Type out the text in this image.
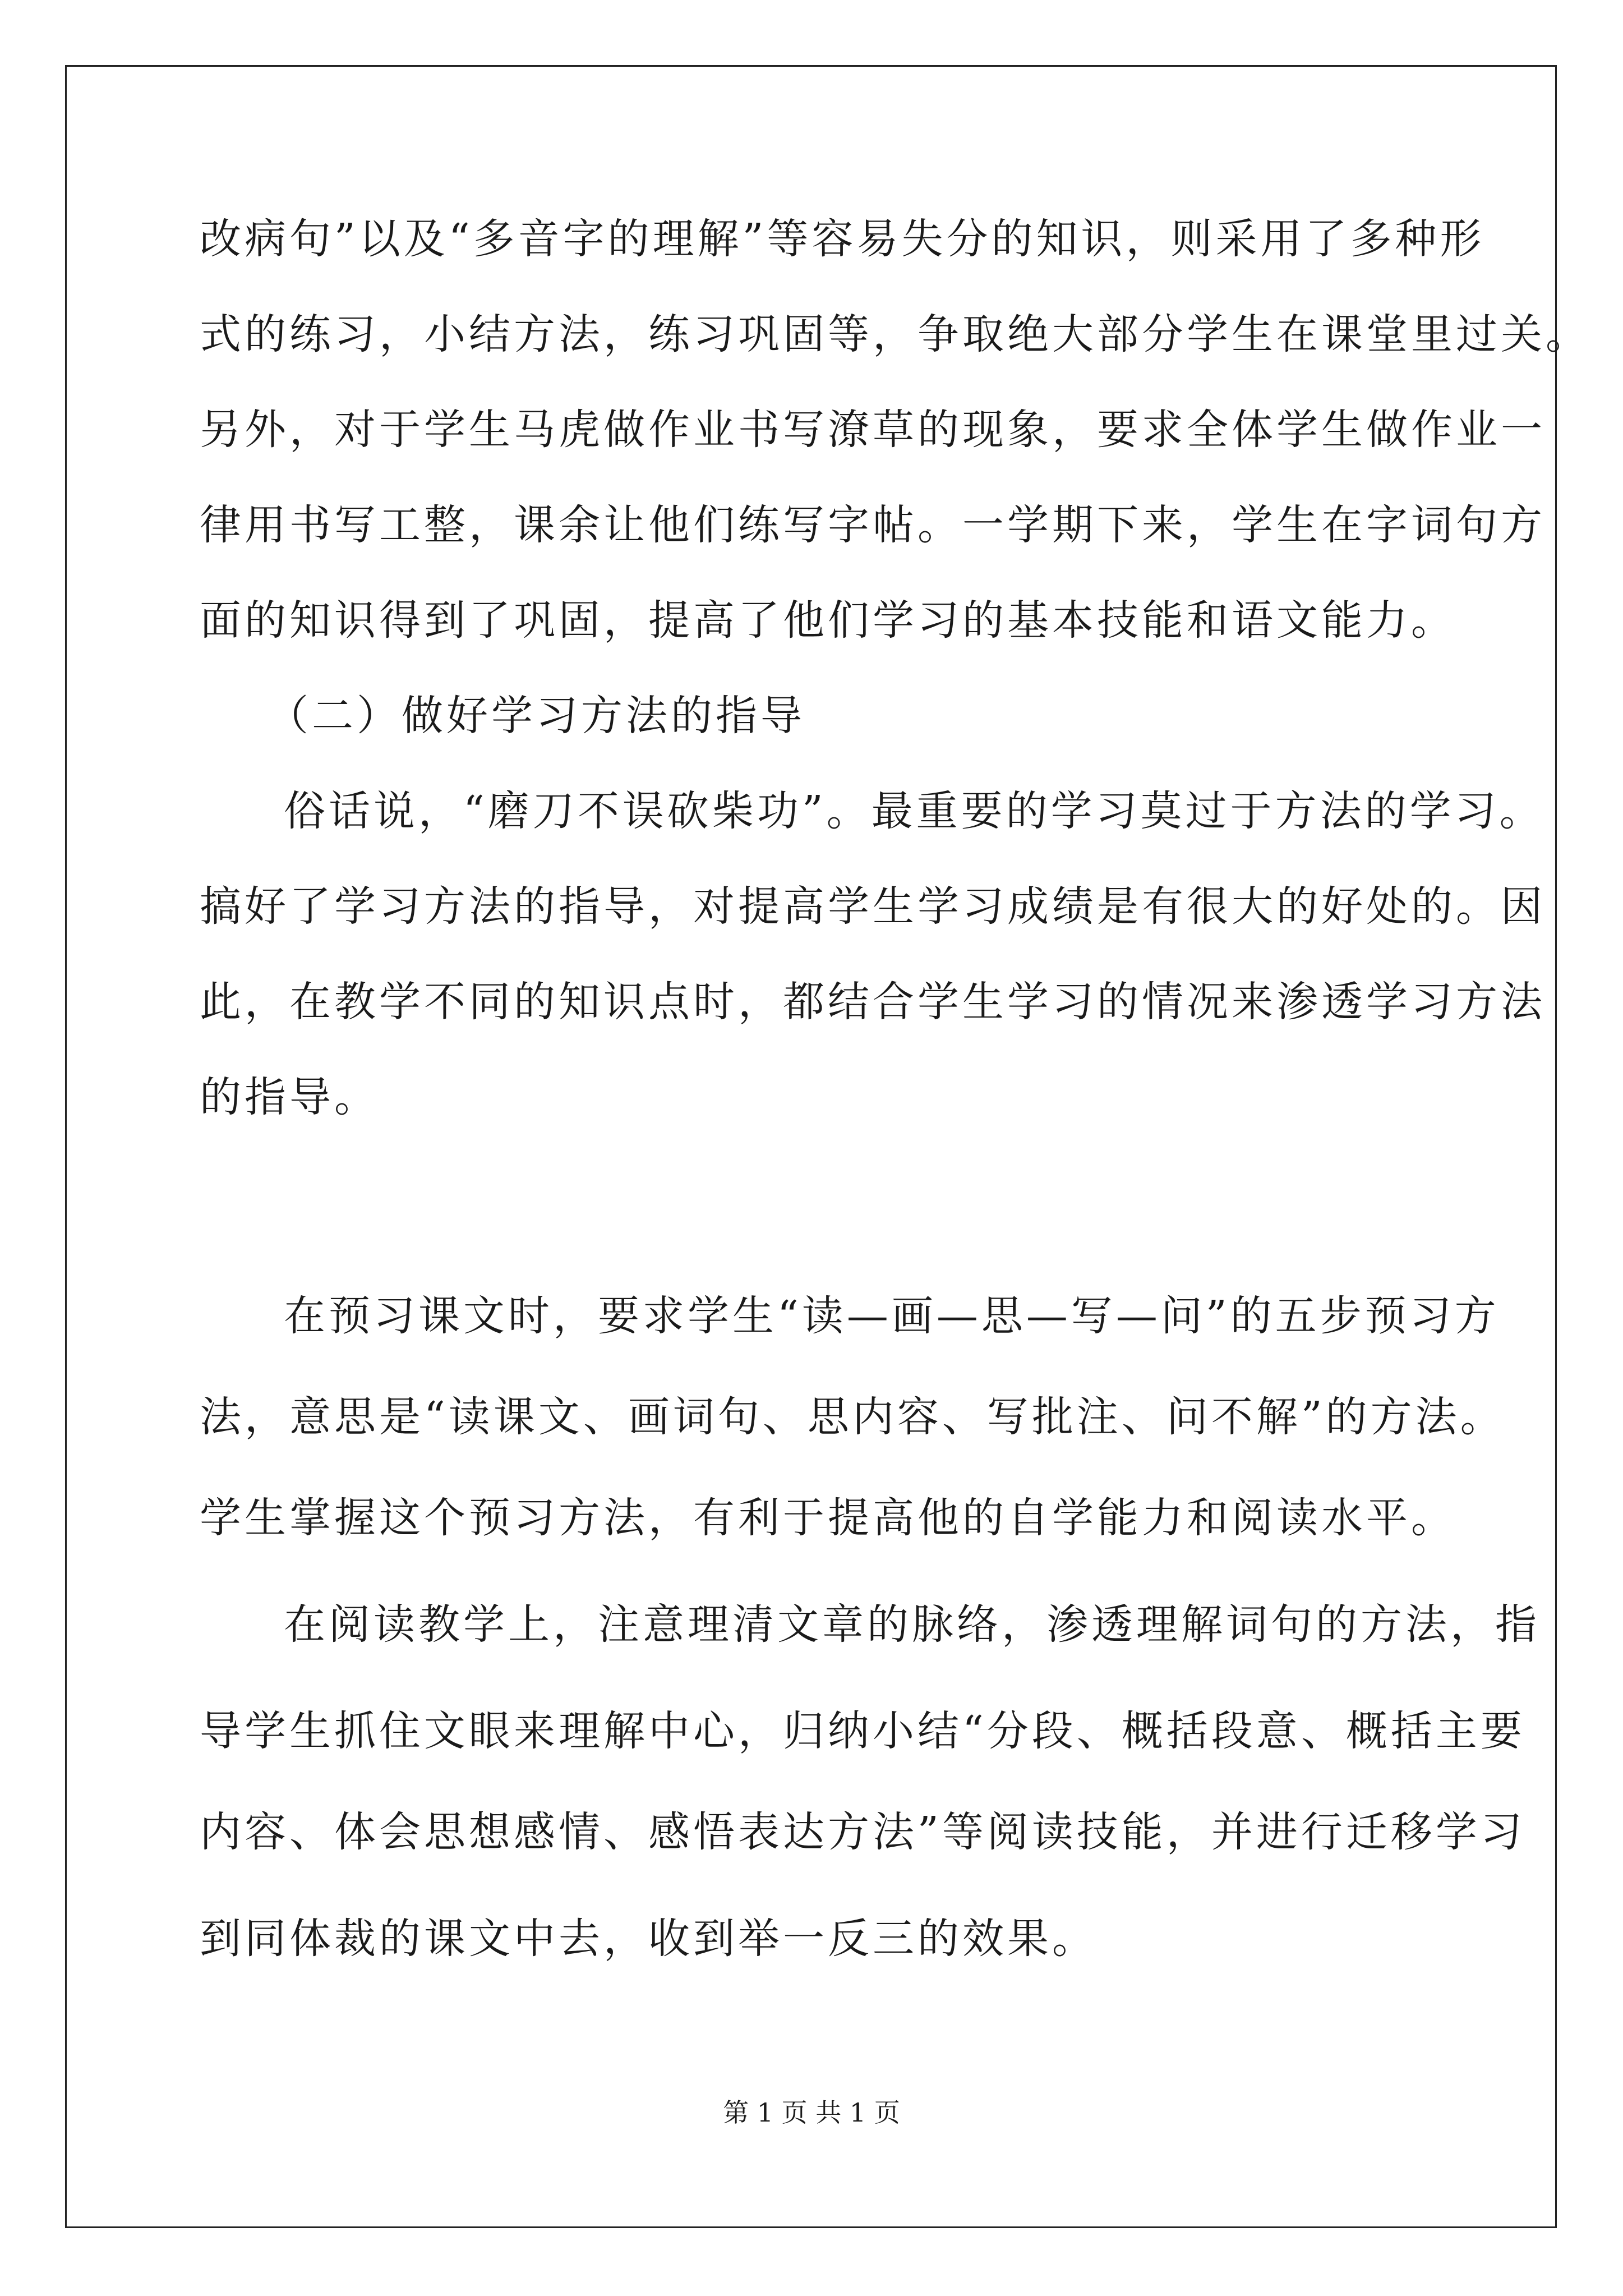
改病句”以及“多音字的理解”等容易失分的知识，则采用了多种形
式的练习，小结方法，练习巩固等，争取绝大部分学生在课堂里过关。
另外，对于学生马虎做作业书写潦草的现象，要求全体学生做作业一
律用书写工整，课余让他们练写字帖。一学期下来，学生在字词句方
面的知识得到了巩固，提高了他们学习的基本技能和语文能力。
（二）做好学习方法的指导
俗话说，“磨刀不误砍柴功”。最重要的学习莫过于方法的学习。
搞好了学习方法的指导，对提高学生学习成绩是有很大的好处的。因
此，在教学不同的知识点时，都结合学生学习的情况来渗透学习方法
的指导。
在预习课文时，要求学生“读—画—思—写—问”的五步预习方
法，意思是“读课文、画词句、思内容、写批注、问不解”的方法。
学生掌握这个预习方法，有利于提高他的自学能力和阅读水平。
在阅读教学上，注意理清文章的脉络，渗透理解词句的方法，指
导学生抓住文眼来理解中心，归纳小结“分段、概括段意、概括主要
内容、体会思想感情、感悟表达方法”等阅读技能，并进行迁移学习
到同体裁的课文中去，收到举一反三的效果。
第 1 页 共 1 页
